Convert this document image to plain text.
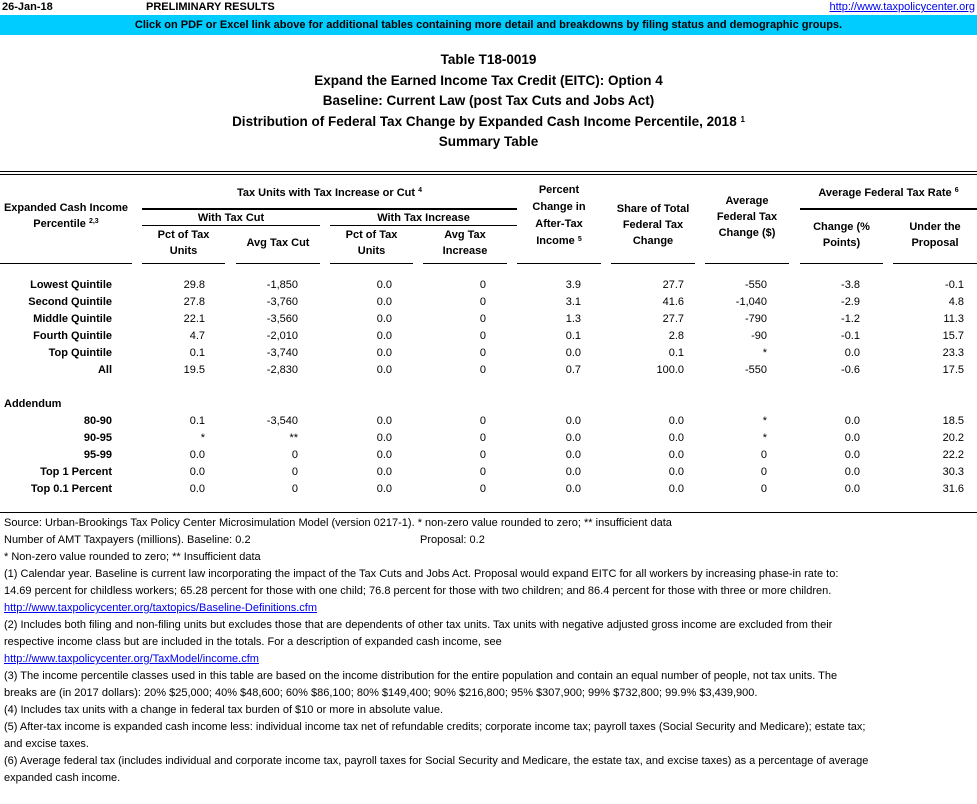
26-Jan-18	PRELIMINARY RESULTS	http://www.taxpolicycenter.org
Click on PDF or Excel link above for additional tables containing more detail and breakdowns by filing status and demographic groups.
Table T18-0019
Expand the Earned Income Tax Credit (EITC): Option 4
Baseline: Current Law (post Tax Cuts and Jobs Act)
Distribution of Federal Tax Change by Expanded Cash Income Percentile, 2018 $^1$
Summary Table
Expanded Cash Income
Percentile $^{2,3}$
Tax Units with Tax Increase or Cut $^4$
With Tax Cut	With Tax Increase
Pct of Tax
Units
Avg Tax Cut
Pct of Tax
Units
Avg Tax
Increase
Percent
Change in
After-Tax
Income $^5$
Share of Total
Federal Tax
Change
Average
Federal Tax
Change ($)
Average Federal Tax Rate $^6$
Change (%
Points)
Under the
Proposal
Lowest Quintile	29.8	-1,850	0.0	0	3.9	27.7	-550	-3.8	-0.1
Second Quintile	27.8	-3,760	0.0	0	3.1	41.6	-1,040	-2.9	4.8
Middle Quintile	22.1	-3,560	0.0	0	1.3	27.7	-790	-1.2	11.3
Fourth Quintile	4.7	-2,010	0.0	0	0.1	2.8	-90	-0.1	15.7
Top Quintile	0.1	-3,740	0.0	0	0.0	0.1	*	0.0	23.3
All	19.5	-2,830	0.0	0	0.7	100.0	-550	-0.6	17.5
Addendum
80-90	0.1	-3,540	0.0	0	0.0	0.0	*	0.0	18.5
90-95	*	**	0.0	0	0.0	0.0	*	0.0	20.2
95-99	0.0	0	0.0	0	0.0	0.0	0	0.0	22.2
Top 1 Percent	0.0	0	0.0	0	0.0	0.0	0	0.0	30.3
Top 0.1 Percent	0.0	0	0.0	0	0.0	0.0	0	0.0	31.6
Source: Urban-Brookings Tax Policy Center Microsimulation Model (version 0217-1). * non-zero value rounded to zero; ** insufficient data
Number of AMT Taxpayers (millions). Baseline: 0.2	Proposal: 0.2
* Non-zero value rounded to zero; ** Insufficient data
(1) Calendar year. Baseline is current law incorporating the impact of the Tax Cuts and Jobs Act. Proposal would expand EITC for all workers by increasing phase-in rate to:
14.69 percent for childless workers; 65.28 percent for those with one child; 76.8 percent for those with two children; and 86.4 percent for those with three or more children.
http://www.taxpolicycenter.org/taxtopics/Baseline-Definitions.cfm
(2) Includes both filing and non-filing units but excludes those that are dependents of other tax units. Tax units with negative adjusted gross income are excluded from their
respective income class but are included in the totals. For a description of expanded cash income, see
http://www.taxpolicycenter.org/TaxModel/income.cfm
(3) The income percentile classes used in this table are based on the income distribution for the entire population and contain an equal number of people, not tax units. The
breaks are (in 2017 dollars): 20% $25,000; 40% $48,600; 60% $86,100; 80% $149,400; 90% $216,800; 95% $307,900; 99% $732,800; 99.9% $3,439,900.
(4) Includes tax units with a change in federal tax burden of $10 or more in absolute value.
(5) After-tax income is expanded cash income less: individual income tax net of refundable credits; corporate income tax; payroll taxes (Social Security and Medicare); estate tax;
and excise taxes.
(6) Average federal tax (includes individual and corporate income tax, payroll taxes for Social Security and Medicare, the estate tax, and excise taxes) as a percentage of average
expanded cash income.
